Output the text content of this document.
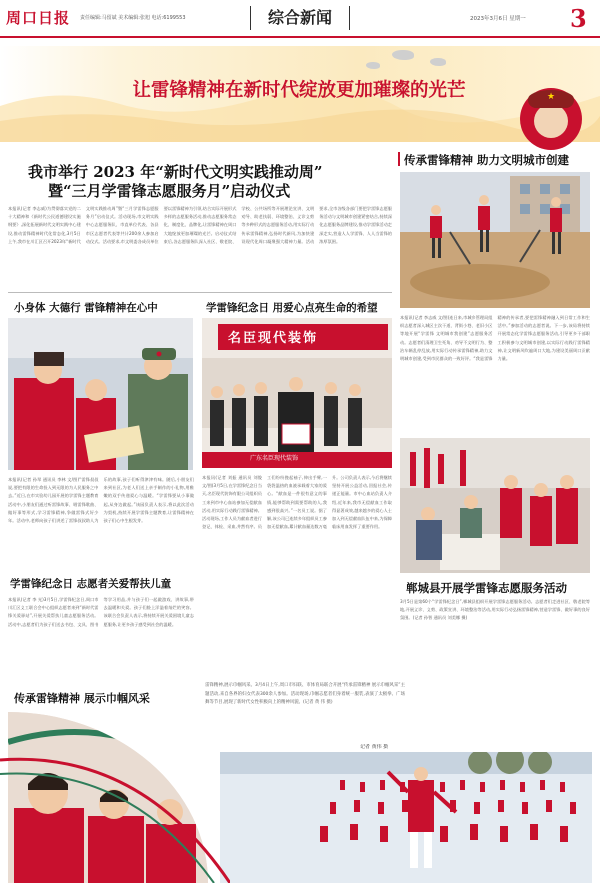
周口日报 责任编辑:马留斌 美术编辑:张旭 电话:6199553	综合新闻	2023年3月6日 星期一 3
让雷锋精神在新时代绽放更加璀璨的光芒	★
我市举行 2023 年“新时代文明实践推动周”
暨“三月学雷锋志愿服务月”启动仪式
本报讯(记者 李志威)为贯彻落实党的二十大精神和《新时代公民道德建设实施纲要》,深化拓展新时代文明实践中心建设,推动雷锋精神时代化常态化,3月5日上午,我市在川汇区召开2023年“新时代文明实践推动周”暨“三月学雷锋志愿服务月”启动仪式。活动现场,市文明实践中心志愿服务队、市直单位代表、各县市区志愿者代表等共计200余人参加启动仪式。活动要求,市文明委各成员单位要以雷锋精神为引领,结合实际开展形式多样的志愿服务活动,推动志愿服务常态化、制度化、品牌化,让雷锋精神在周口大地绽放更加璀璨的光芒。启动仪式结束后,各志愿服务队深入社区、敬老院、学校、公共场所等开展理论宣讲、文明劝导、助老扶弱、环境整治、义诊义剪等多种形式的志愿服务活动,用实际行动传承雷锋精神,弘扬时代新风,为加快建设现代化周口凝聚强大精神力量。活动要求,全市各级各部门要把学雷锋志愿服务活动与文明城市创建紧密结合,持续深化志愿服务品牌建设,推动学雷锋活动走深走实,营造人人学雷锋、人人当雷锋的浓厚氛围。
传承雷锋精神 助力文明城市创建
本报讯(记者 李志威 文/图)连日来,市城乡管理局组织志愿者深入城区主次干道、背街小巷、老旧小区等地开展“学雷锋 文明城市我创建”志愿服务活动。志愿者们清理卫生死角、劝导不文明行为、整治车辆乱停乱放,用实际行动传承雷锋精神,助力文明城市创建,受到市民群众的一致好评。“我是雷锋精神的传承者,要把雷锋精神融入到日常工作和生活中。”参加活动的志愿者说。下一步,该局将持续开展常态化学雷锋志愿服务活动,引导更多干部职工积极参与文明城市创建,以实际行动践行雷锋精神,让文明新风吹遍周口大地,为建设美丽周口贡献力量。
郸城县开展学雷锋志愿服务活动
3月5日是第60个“学雷锋纪念日”,郸城县组织开展学雷锋志愿服务活动。志愿者们走进社区、敬老院等地,开展义诊、义剪、政策宣讲、环境整治等活动,用实际行动弘扬雷锋精神,营造学雷锋、做好事的良好氛围。(记者 孙智 通讯员 刘美娜 摄)
小身体 大德行 雷锋精神在心中
本报讯(记者 孙翠 通讯员 李林 文/图)“雷锋叔叔说,要把有限的生命投入到无限的为人民服务之中去。”近日,在市实验幼儿园开展的学雷锋主题教育活动中,小朋友们通过听雷锋故事、唱雷锋歌曲、做好事等形式,学习雷锋精神,争做雷锋式好少年。活动中,老师向孩子们讲述了雷锋叔叔助人为乐的故事,孩子们听得津津有味。随后,小朋友们来到社区,为老人们送上亲手制作的小礼物,用稚嫩的双手传递爱心与温暖。“学雷锋要从小事做起,从身边做起。”该园负责人表示,将以此次活动为契机,持续开展学雷锋主题教育,让雷锋精神在孩子们心中生根发芽。
学雷锋纪念日 用爱心点亮生命的希望
名臣现代装饰
广东名臣现代装饰
本报讯(记者 刘振 通讯员 刘俊 文/图)3月5日,在学雷锋纪念日当天,名臣现代装饰有限公司组织员工来到市中心血站参加无偿献血活动,用实际行动践行雷锋精神。活动现场,工作人员为献血者进行登记、体检、采血,井然有序。员工们纷纷挽起袖子,伸出手臂,一袋袋温热的血液承载着大家的爱心。“献血是一件很有意义的事情,能够帮助到需要帮助的人,我感到很高兴。”一名员工说。据了解,该公司已连续多年组织员工参加无偿献血,累计献血量达数万毫升。公司负责人表示,今后将继续坚持开展公益活动,回报社会,传递正能量。市中心血站负责人介绍,近年来,我市无偿献血工作取得显著成效,越来越多的爱心人士加入到无偿献血队伍中来,为保障临床用血发挥了重要作用。
学雷锋纪念日 志愿者关爱帮扶儿童
本报讯(记者 李 光)3月5日,学雷锋纪念日,周口市川汇区义工联合会中心组织志愿者来到“新时代雷锋关爱驿站”,开展关爱帮扶儿童志愿服务活动。活动中,志愿者们为孩子们送去书包、文具、图书等学习用品,并与孩子们一起做游戏、讲故事,带去温暖和关爱。孩子们脸上洋溢着灿烂的笑容。该联合会负责人表示,将持续开展关爱困境儿童志愿服务,让更多孩子感受到社会的温暖。
传承雷锋精神 展示巾帼风采
雷锋精神,展示巾帼风采。3月4日上午,周口市妇联、市体育局联合开展“传承雷锋精神 展示巾帼风采”主题活动,来自各界的妇女代表300余人参加。活动现场,巾帼志愿者们身着统一服装,表演了太极拳、广场舞等节目,展现了新时代女性积极向上的精神风貌。(记者 黄 伟 摄)
记者 黄伟 摄
